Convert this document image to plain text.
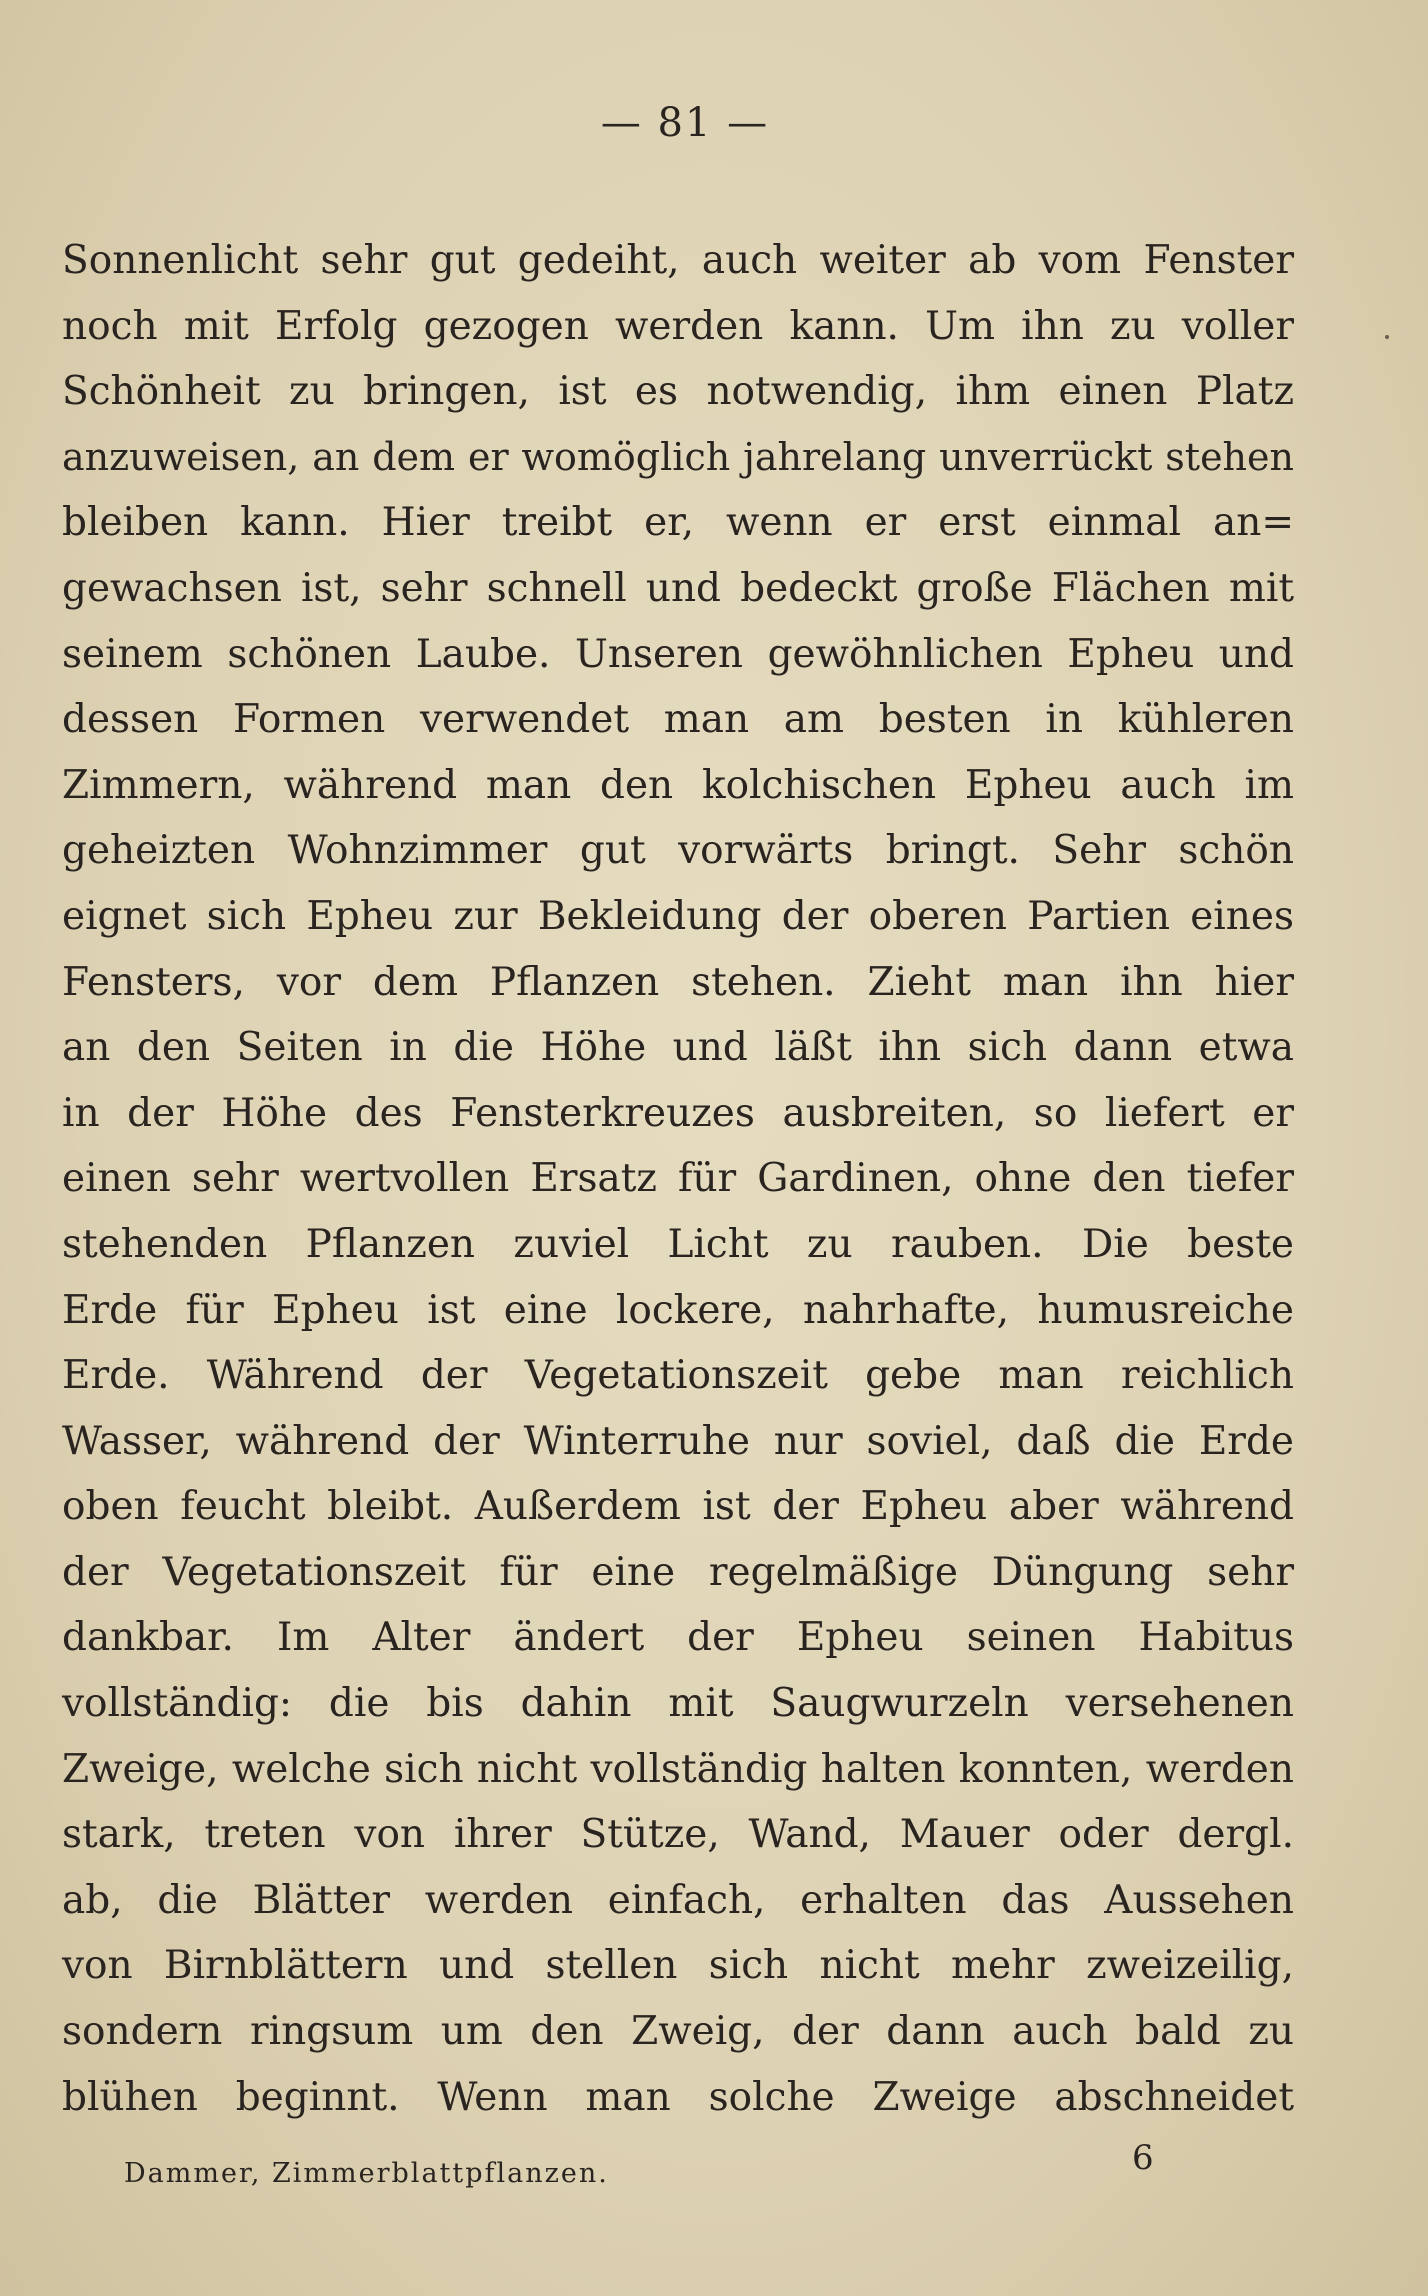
— 81 —
Sonnenlicht sehr gut gedeiht, auch weiter ab vom Fenster
noch mit Erfolg gezogen werden kann. Um ihn zu voller
Schönheit zu bringen, ist es notwendig, ihm einen Platz
anzuweisen, an dem er womöglich jahrelang unverrückt stehen
bleiben kann. Hier treibt er, wenn er erst einmal an=
gewachsen ist, sehr schnell und bedeckt große Flächen mit
seinem schönen Laube. Unseren gewöhnlichen Epheu und
dessen Formen verwendet man am besten in kühleren
Zimmern, während man den kolchischen Epheu auch im
geheizten Wohnzimmer gut vorwärts bringt. Sehr schön
eignet sich Epheu zur Bekleidung der oberen Partien eines
Fensters, vor dem Pflanzen stehen. Zieht man ihn hier
an den Seiten in die Höhe und läßt ihn sich dann etwa
in der Höhe des Fensterkreuzes ausbreiten, so liefert er
einen sehr wertvollen Ersatz für Gardinen, ohne den tiefer
stehenden Pflanzen zuviel Licht zu rauben. Die beste
Erde für Epheu ist eine lockere, nahrhafte, humusreiche
Erde. Während der Vegetationszeit gebe man reichlich
Wasser, während der Winterruhe nur soviel, daß die Erde
oben feucht bleibt. Außerdem ist der Epheu aber während
der Vegetationszeit für eine regelmäßige Düngung sehr
dankbar. Im Alter ändert der Epheu seinen Habitus
vollständig: die bis dahin mit Saugwurzeln versehenen
Zweige, welche sich nicht vollständig halten konnten, werden
stark, treten von ihrer Stütze, Wand, Mauer oder dergl.
ab, die Blätter werden einfach, erhalten das Aussehen
von Birnblättern und stellen sich nicht mehr zweizeilig,
sondern ringsum um den Zweig, der dann auch bald zu
blühen beginnt. Wenn man solche Zweige abschneidet
Dammer, Zimmerblattpflanzen.	6
